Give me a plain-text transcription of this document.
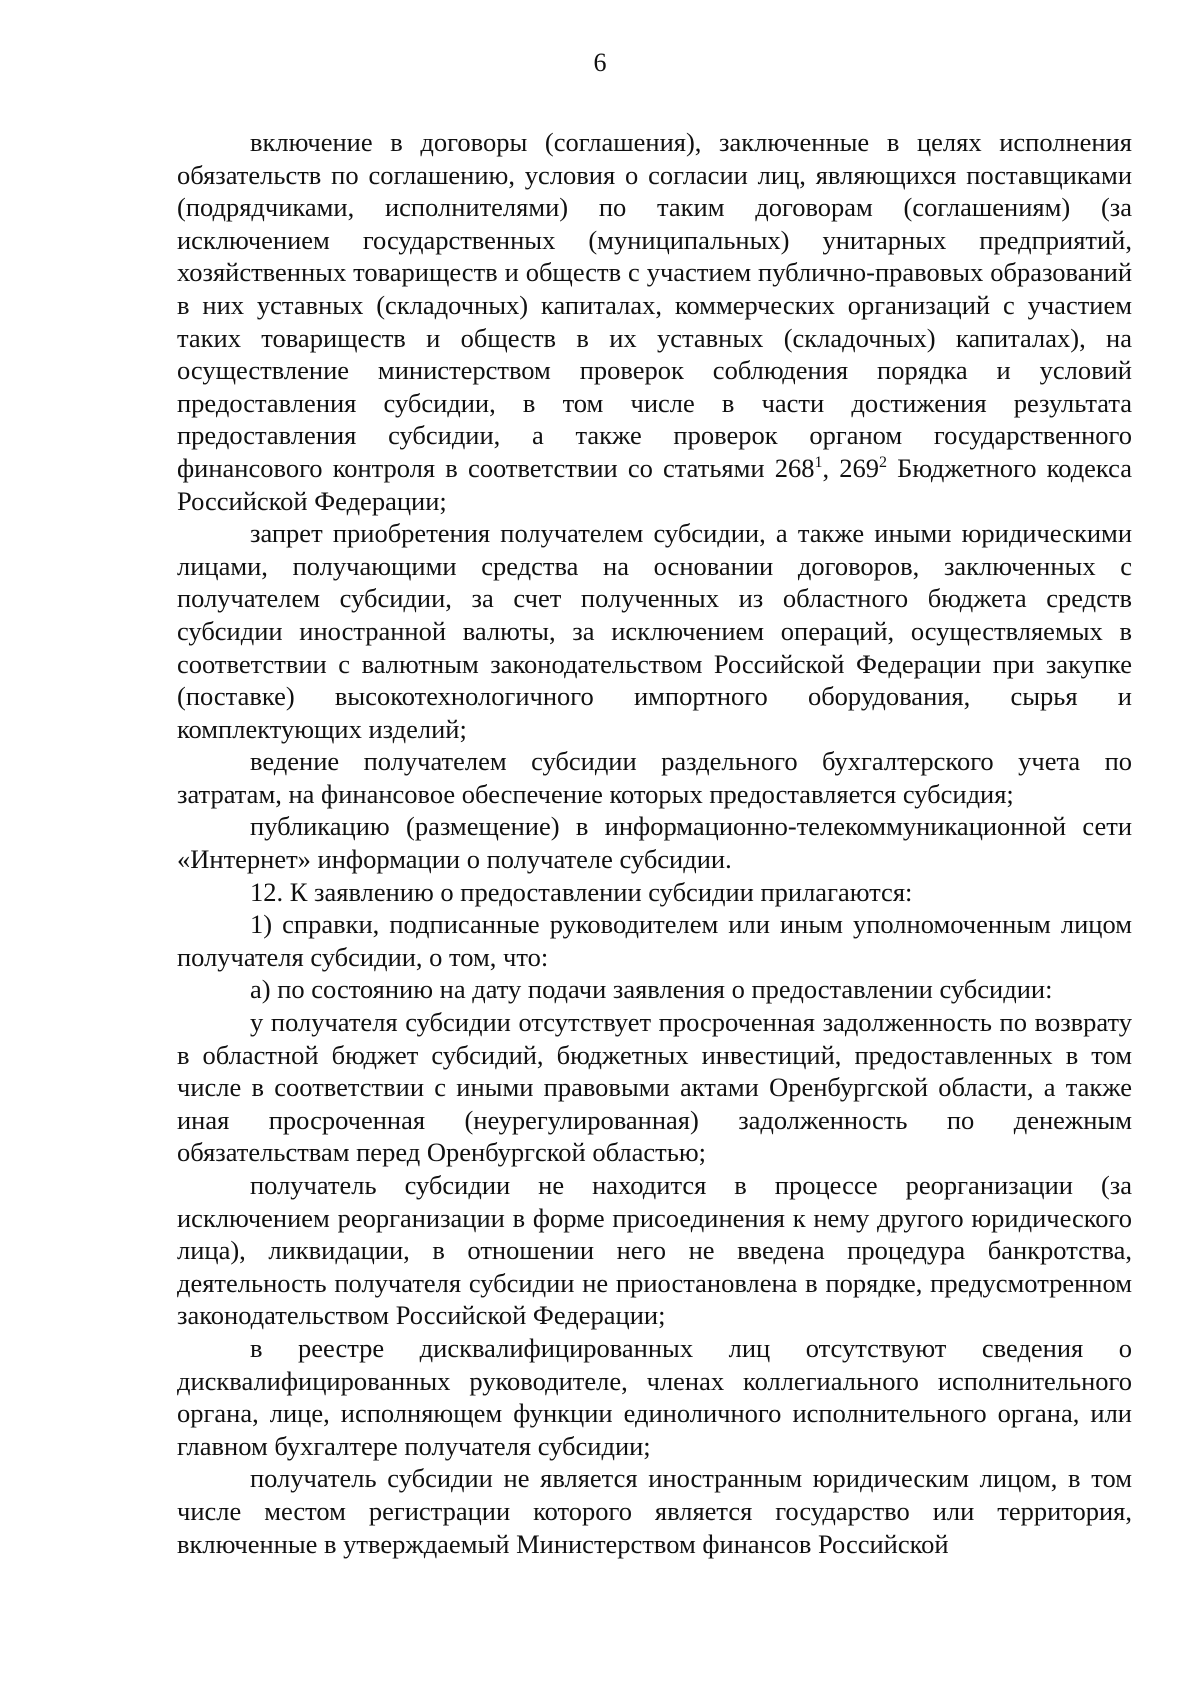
6

включение в договоры (соглашения), заключенные в целях исполнения обязательств по соглашению, условия о согласии лиц, являющихся поставщиками (подрядчиками, исполнителями) по таким договорам (соглашениям) (за исключением государственных (муниципальных) унитарных предприятий, хозяйственных товариществ и обществ с участием публично-правовых образований в них уставных (складочных) капиталах, коммерческих организаций с участием таких товариществ и обществ в их уставных (складочных) капиталах), на осуществление министерством проверок соблюдения порядка и условий предоставления субсидии, в том числе в части достижения результата предоставления субсидии, а также проверок органом государственного финансового контроля в соответствии со статьями $268^1$, $269^2$ Бюджетного кодекса Российской Федерации;

запрет приобретения получателем субсидии, а также иными юридическими лицами, получающими средства на основании договоров, заключенных с получателем субсидии, за счет полученных из областного бюджета средств субсидии иностранной валюты, за исключением операций, осуществляемых в соответствии с валютным законодательством Российской Федерации при закупке (поставке) высокотехнологичного импортного оборудования, сырья и комплектующих изделий;

ведение получателем субсидии раздельного бухгалтерского учета по затратам, на финансовое обеспечение которых предоставляется субсидия;

публикацию (размещение) в информационно-телекоммуникационной сети «Интернет» информации о получателе субсидии.

12. К заявлению о предоставлении субсидии прилагаются:

1) справки, подписанные руководителем или иным уполномоченным лицом получателя субсидии, о том, что:

а) по состоянию на дату подачи заявления о предоставлении субсидии:

у получателя субсидии отсутствует просроченная задолженность по возврату в областной бюджет субсидий, бюджетных инвестиций, предоставленных в том числе в соответствии с иными правовыми актами Оренбургской области, а также иная просроченная (неурегулированная) задолженность по денежным обязательствам перед Оренбургской областью;

получатель субсидии не находится в процессе реорганизации (за исключением реорганизации в форме присоединения к нему другого юридического лица), ликвидации, в отношении него не введена процедура банкротства, деятельность получателя субсидии не приостановлена в порядке, предусмотренном законодательством Российской Федерации;

в реестре дисквалифицированных лиц отсутствуют сведения о дисквалифицированных руководителе, членах коллегиального исполнительного органа, лице, исполняющем функции единоличного исполнительного органа, или главном бухгалтере получателя субсидии;

получатель субсидии не является иностранным юридическим лицом, в том числе местом регистрации которого является государство или территория, включенные в утверждаемый Министерством финансов Российской
